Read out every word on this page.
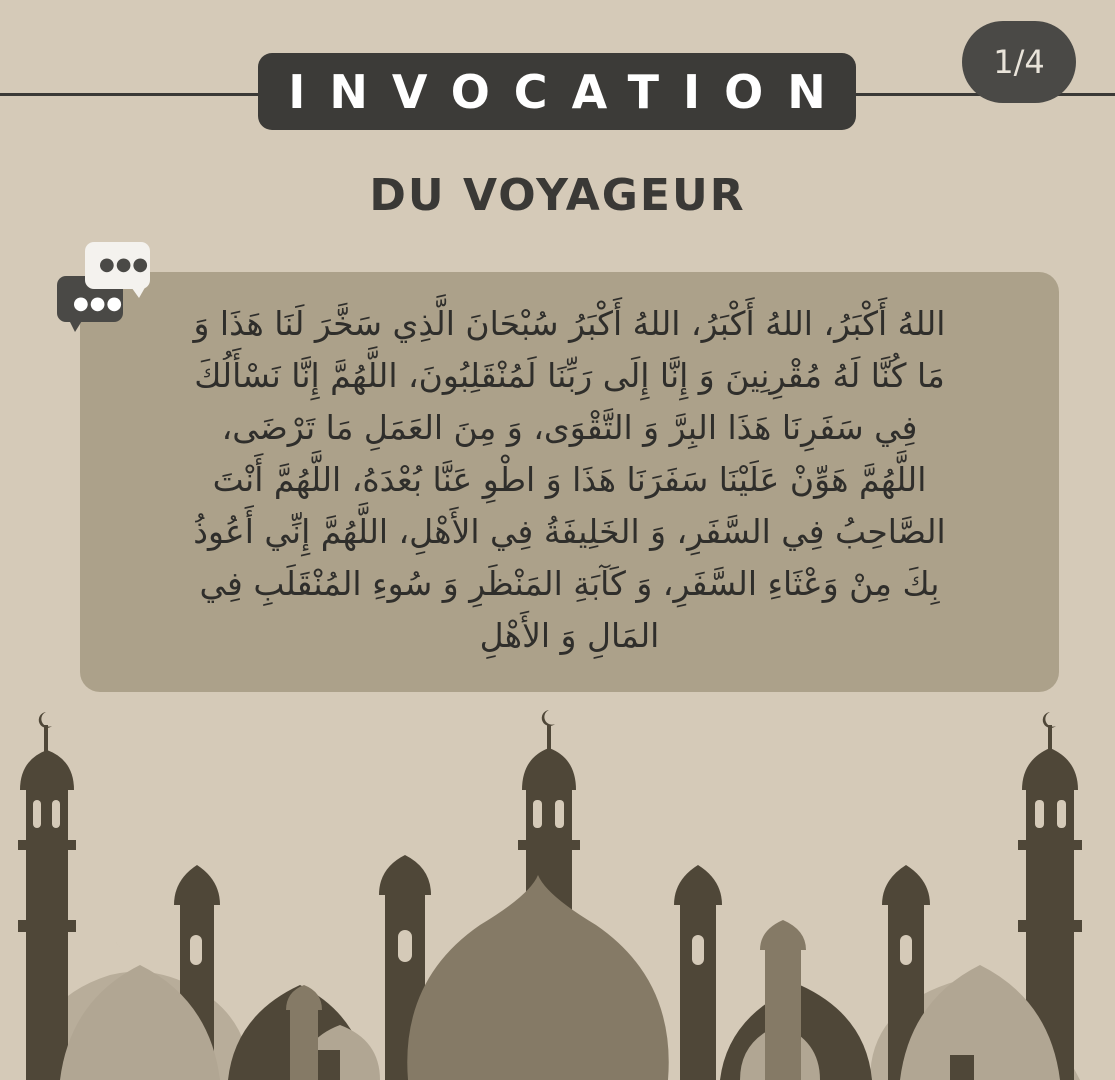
INVOCATION
1/4
DU VOYAGEUR
اللهُ أَكْبَرُ، اللهُ أَكْبَرُ، اللهُ أَكْبَرُ سُبْحَانَ الَّذِي سَخَّرَ لَنَا هَذَا وَ
مَا كُنَّا لَهُ مُقْرِنِينَ وَ إِنَّا إِلَى رَبِّنَا لَمُنْقَلِبُونَ، اللَّهُمَّ إِنَّا نَسْأَلُكَ
فِي سَفَرِنَا هَذَا البِرَّ وَ التَّقْوَى، وَ مِنَ العَمَلِ مَا تَرْضَى،
اللَّهُمَّ هَوِّنْ عَلَيْنَا سَفَرَنَا هَذَا وَ اطْوِ عَنَّا بُعْدَهُ، اللَّهُمَّ أَنْتَ
الصَّاحِبُ فِي السَّفَرِ، وَ الخَلِيفَةُ فِي الأَهْلِ، اللَّهُمَّ إِنِّي أَعُوذُ
بِكَ مِنْ وَعْثَاءِ السَّفَرِ، وَ كَآبَةِ المَنْظَرِ وَ سُوءِ المُنْقَلَبِ فِي
المَالِ وَ الأَهْلِ
●●●
●●●
